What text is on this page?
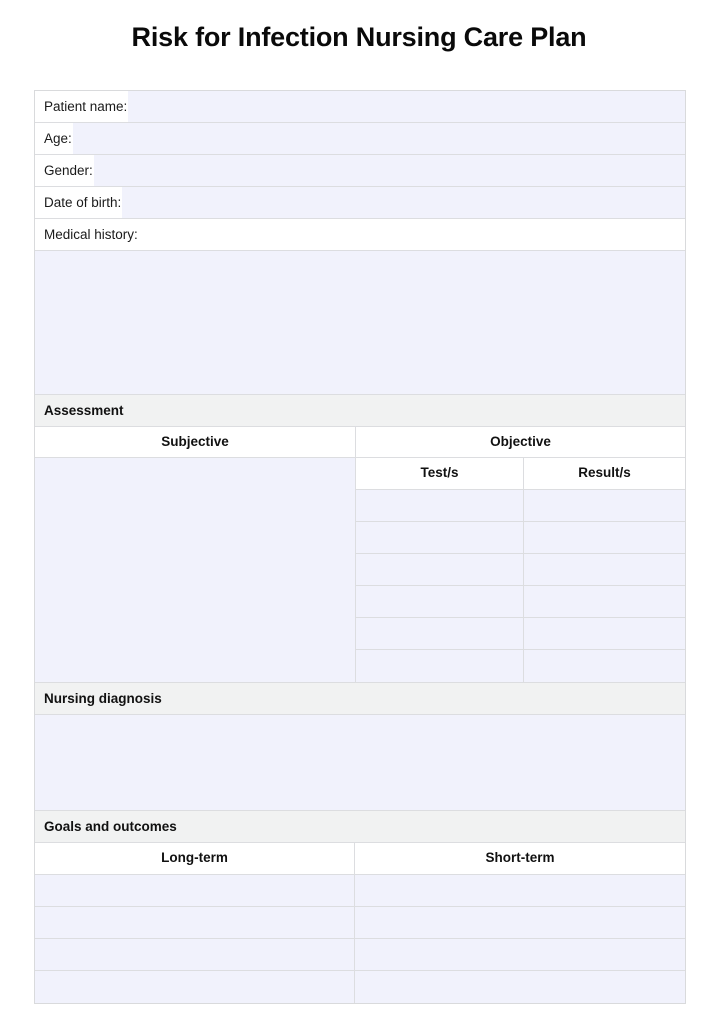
Risk for Infection Nursing Care Plan
Patient name:
Age:
Gender:
Date of birth:
Medical history:
Assessment
Subjective	Objective
Test/s	Result/s
Nursing diagnosis
Goals and outcomes
Long-term	Short-term
